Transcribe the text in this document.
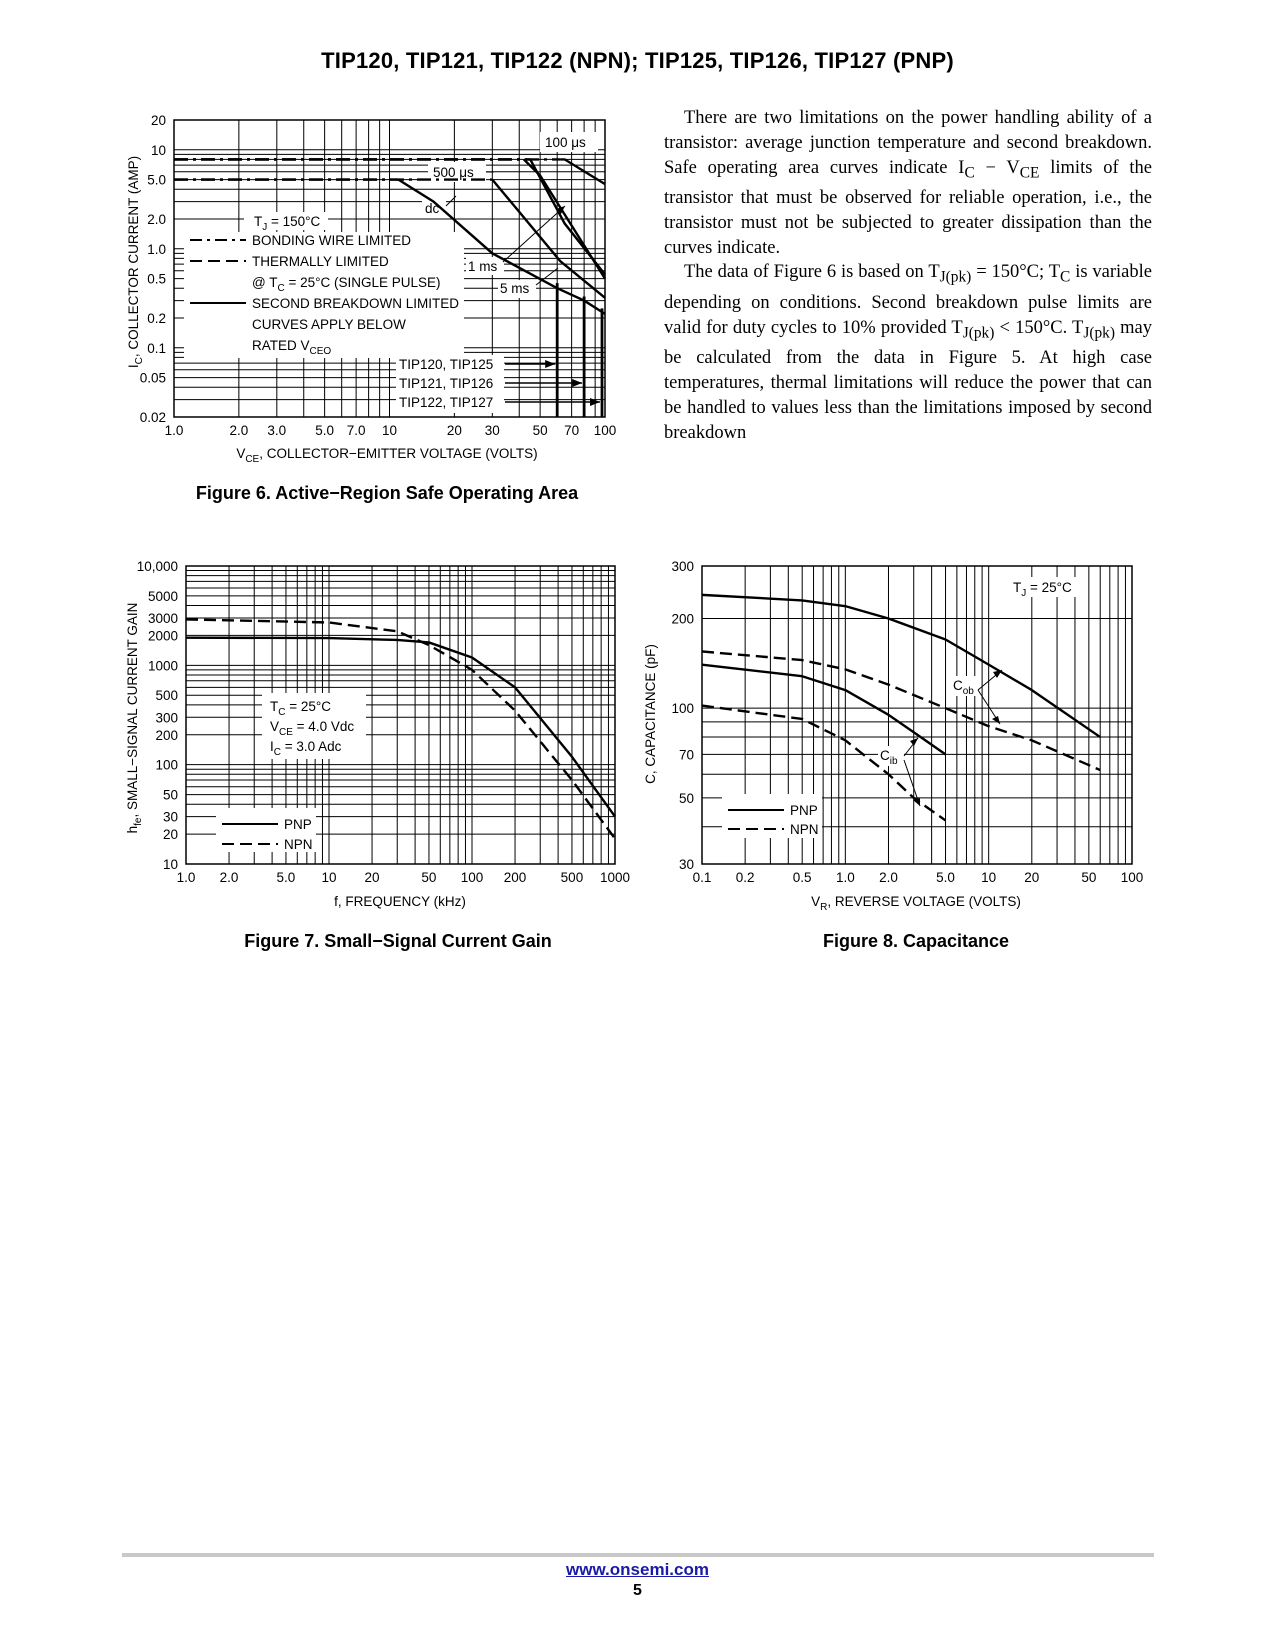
TIP120, TIP121, TIP122 (NPN); TIP125, TIP126, TIP127 (PNP)
1.0	2.0 3.0 5.0 7.0 10	20 30 50 70 100
0.02
0.05
0.1
0.2
0.5
1.0
2.0
5.0
10
20
100 μs
500 μs
dc
1 ms
5 ms
$T_J = 150^\circ C$
BONDING WIRE LIMITED
THERMALLY LIMITED
@ $T_C = 25^\circ C$ (SINGLE PULSE)
SECOND BREAKDOWN LIMITED
CURVES APPLY BELOW
RATED $V_{CEO}$
TIP120, TIP125
TIP121, TIP126
TIP122, TIP127
$V_{CE}$, COLLECTOR−EMITTER VOLTAGE (VOLTS)
$I_C$, COLLECTOR CURRENT (AMP)
Figure 6. Active−Region Safe Operating Area

There are two limitations on the power handling ability of a transistor: average junction temperature and second breakdown. Safe operating area curves indicate $I_C - V_{CE}$ limits of the transistor that must be observed for reliable operation, i.e., the transistor must not be subjected to greater dissipation than the curves indicate.

The data of Figure 6 is based on $T_{J(pk)} = 150^\circ C$; $T_C$ is variable depending on conditions. Second breakdown pulse limits are valid for duty cycles to 10% provided $T_{J(pk)} < 150^\circ C$. $T_{J(pk)}$ may be calculated from the data in Figure 5. At high case temperatures, thermal limitations will reduce the power that can be handled to values less than the limitations imposed by second breakdown

1.0 2.0	5.0 10 20	50 100 200	500 1000
10
20
30
50
100
200
300
500
1000
2000
3000
5000
10,000
$T_C = 25^\circ C$
$V_{CE} = 4.0$ Vdc
$I_C = 3.0$ Adc
PNP
NPN
f, FREQUENCY (kHz)
$h_{fe}$, SMALL−SIGNAL CURRENT GAIN
Figure 7. Small−Signal Current Gain
0.1 0.2	0.5 1.0 2.0	5.0 10 20	50 100
30
50
70
100
200
300
$T_J = 25^\circ C$
$C_{ob}$
$C_{ib}$
PNP
NPN
$V_R$, REVERSE VOLTAGE (VOLTS)
C, CAPACITANCE (pF)
Figure 8. Capacitance
www.onsemi.com
5
